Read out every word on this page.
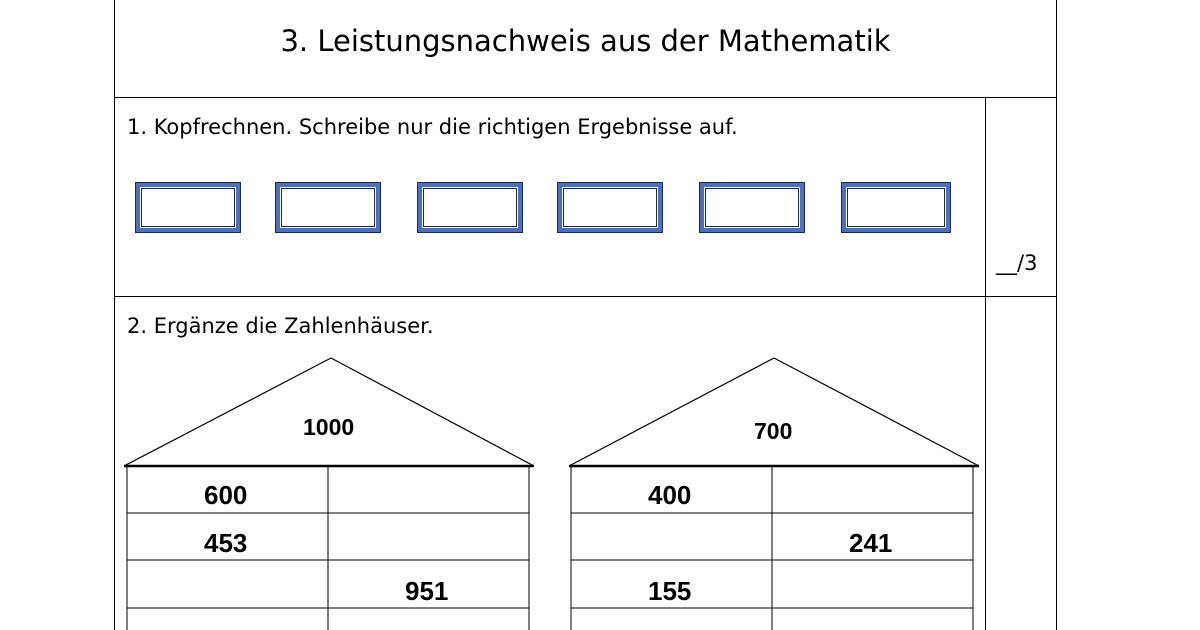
3. Leistungsnachweis aus der Mathematik
1. Kopfrechnen. Schreibe nur die richtigen Ergebnisse auf.
__/3
2. Ergänze die Zahlenhäuser.
1000
600
453
951
700
400
241
155
